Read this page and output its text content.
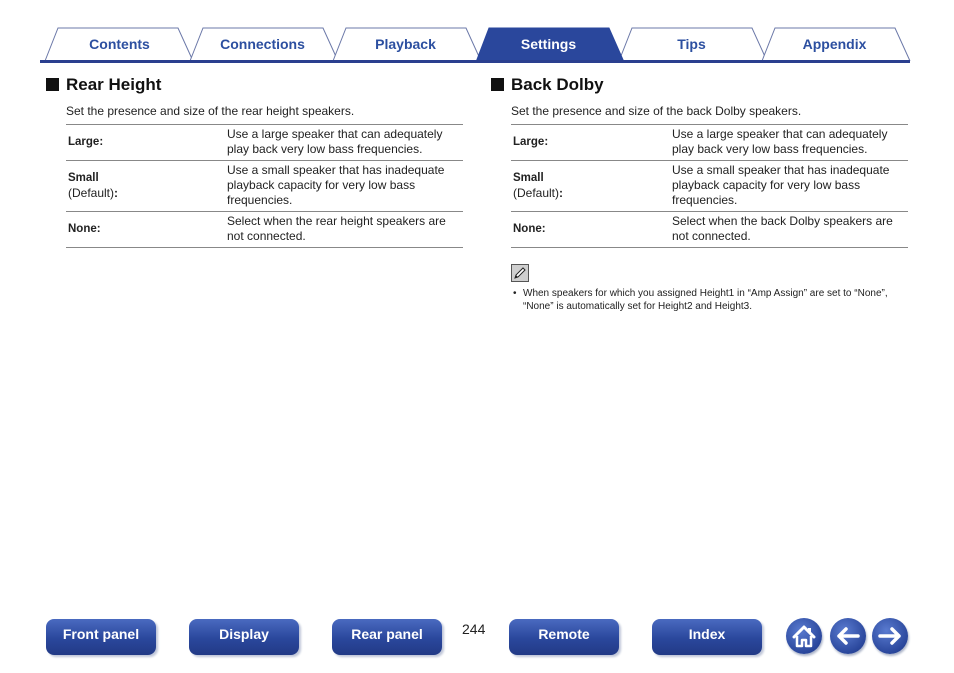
Contents	Connections	Playback	Settings	Tips	Appendix
Rear Height
Set the presence and size of the rear height speakers.
Large:	Use a large speaker that can adequately play back very low bass frequencies.
Small
(Default):	Use a small speaker that has inadequate playback capacity for very low bass frequencies.
None:	Select when the rear height speakers are not connected.
Back Dolby
Set the presence and size of the back Dolby speakers.
Large:	Use a large speaker that can adequately play back very low bass frequencies.
Small
(Default):	Use a small speaker that has inadequate playback capacity for very low bass frequencies.
None:	Select when the back Dolby speakers are not connected.
• When speakers for which you assigned Height1 in “Amp Assign” are set to “None”, “None” is automatically set for Height2 and Height3.
Front panel	Display	Rear panel	244	Remote	Index
